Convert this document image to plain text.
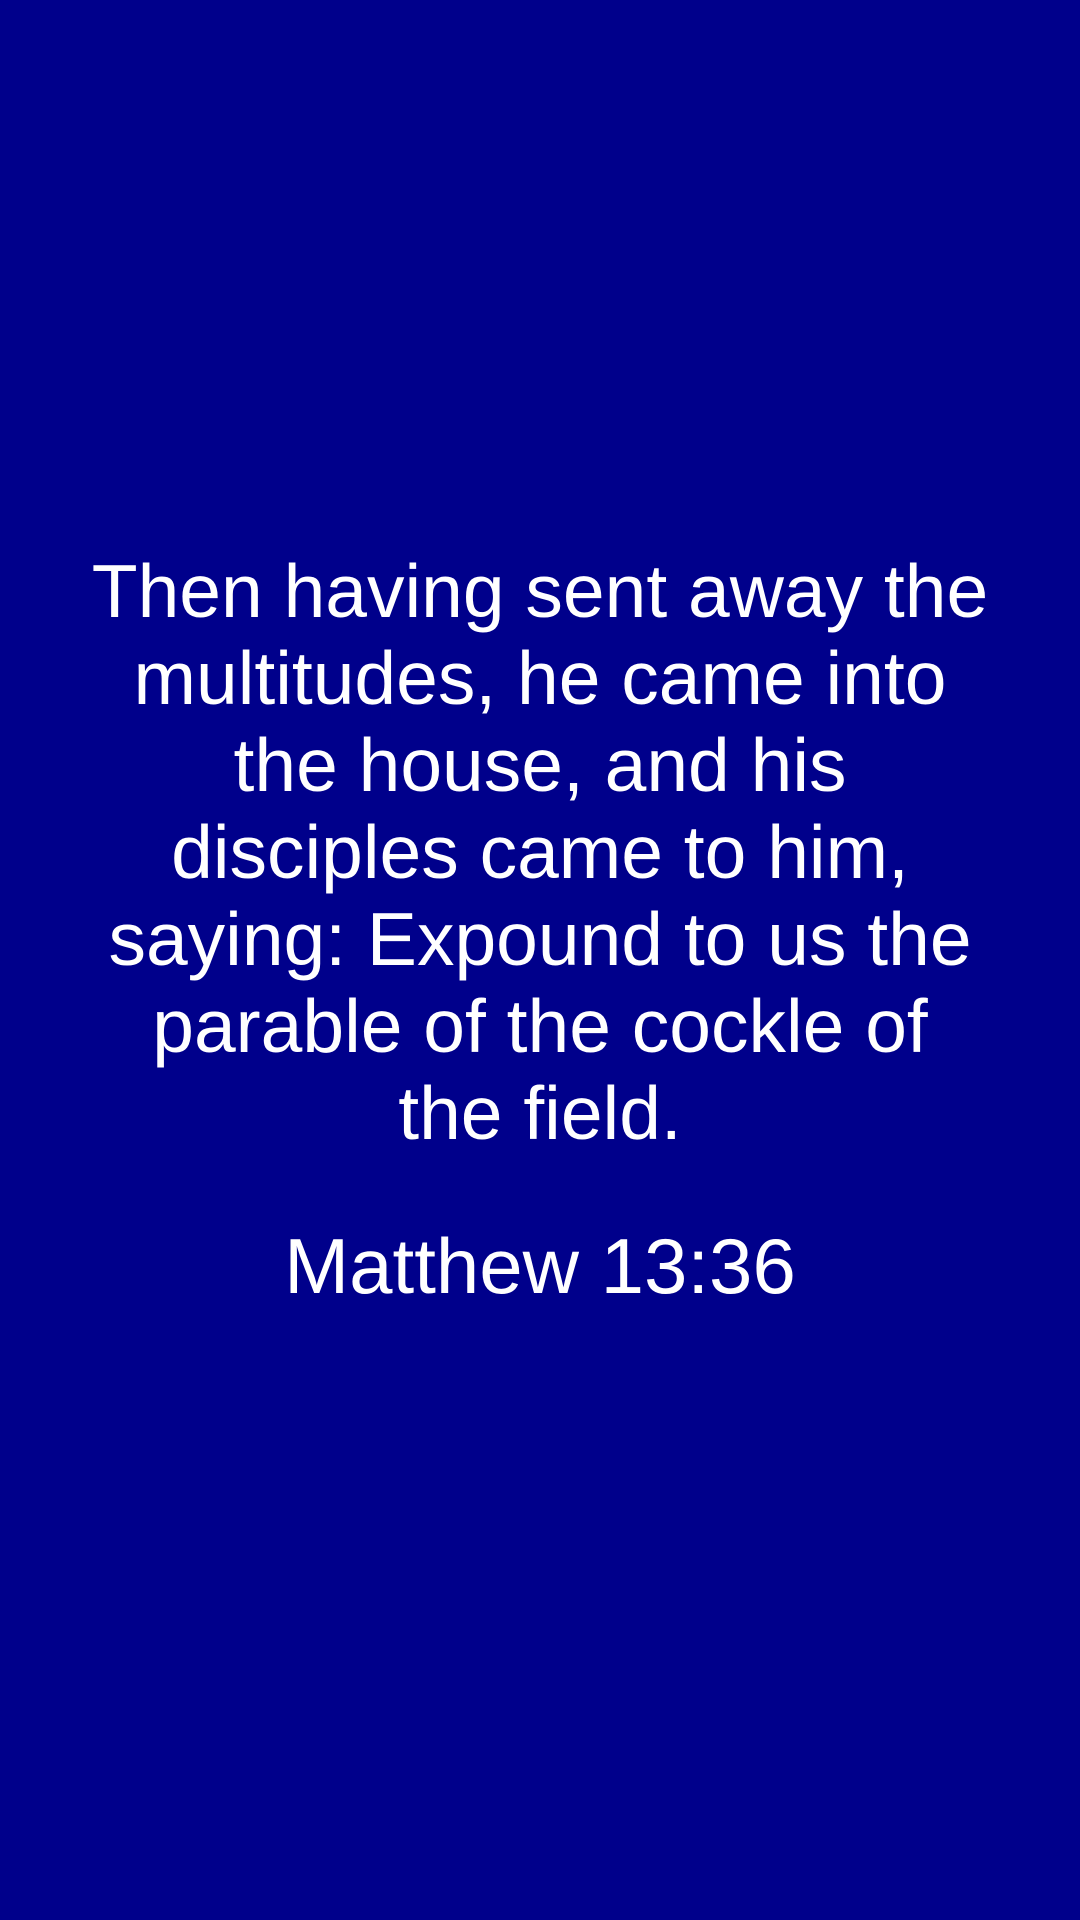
Then having sent away the multitudes, he came into the house, and his disciples came to him, saying: Expound to us the parable of the cockle of the field.

Matthew 13:36
